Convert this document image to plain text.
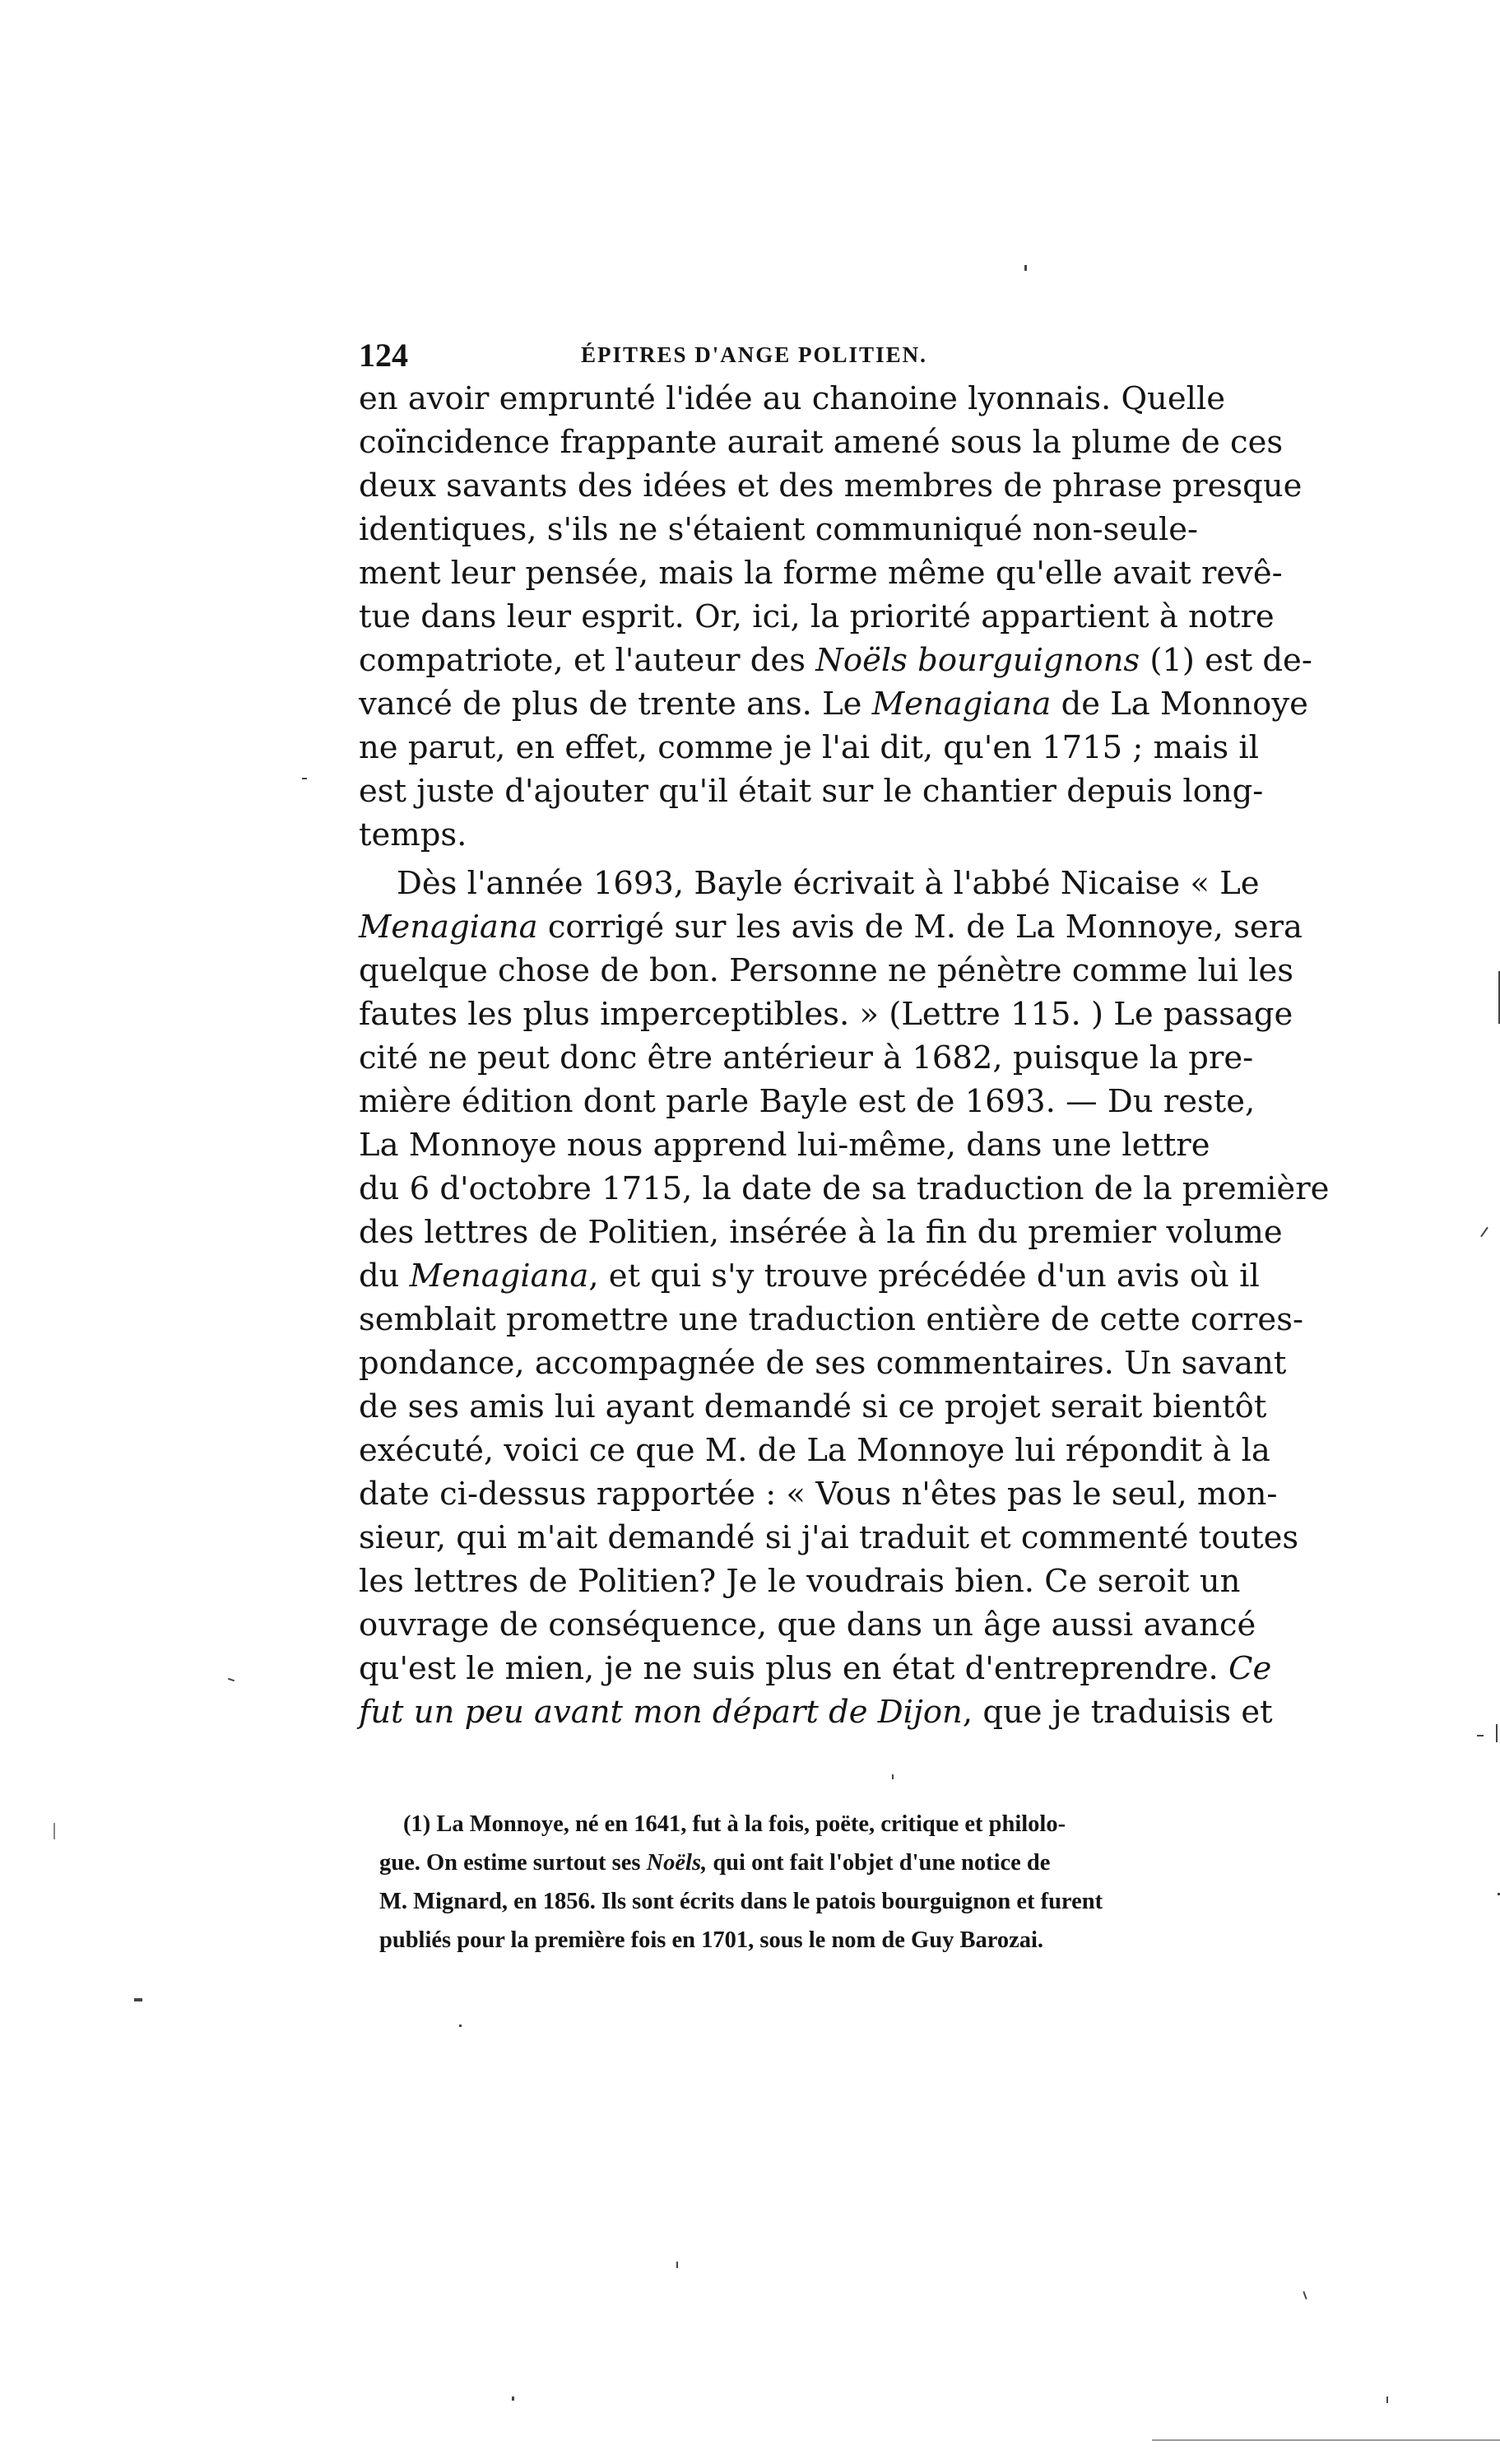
124	ÉPITRES D'ANGE POLITIEN.
en avoir emprunté l'idée au chanoine lyonnais. Quelle
coïncidence frappante aurait amené sous la plume de ces
deux savants des idées et des membres de phrase presque
identiques, s'ils ne s'étaient communiqué non-seule-
ment leur pensée, mais la forme même qu'elle avait revê-
tue dans leur esprit. Or, ici, la priorité appartient à notre
compatriote, et l'auteur des Noëls bourguignons (1) est de-
vancé de plus de trente ans. Le Menagiana de La Monnoye
ne parut, en effet, comme je l'ai dit, qu'en 1715 ; mais il
est juste d'ajouter qu'il était sur le chantier depuis long-
temps.
Dès l'année 1693, Bayle écrivait à l'abbé Nicaise « Le
Menagiana corrigé sur les avis de M. de La Monnoye, sera
quelque chose de bon. Personne ne pénètre comme lui les
fautes les plus imperceptibles. » (Lettre 115. ) Le passage
cité ne peut donc être antérieur à 1682, puisque la pre-
mière édition dont parle Bayle est de 1693. — Du reste,
La Monnoye nous apprend lui-même, dans une lettre
du 6 d'octobre 1715, la date de sa traduction de la première
des lettres de Politien, insérée à la fin du premier volume
du Menagiana, et qui s'y trouve précédée d'un avis où il
semblait promettre une traduction entière de cette corres-
pondance, accompagnée de ses commentaires. Un savant
de ses amis lui ayant demandé si ce projet serait bientôt
exécuté, voici ce que M. de La Monnoye lui répondit à la
date ci-dessus rapportée : « Vous n'êtes pas le seul, mon-
sieur, qui m'ait demandé si j'ai traduit et commenté toutes
les lettres de Politien? Je le voudrais bien. Ce seroit un
ouvrage de conséquence, que dans un âge aussi avancé
qu'est le mien, je ne suis plus en état d'entreprendre. Ce
fut un peu avant mon départ de Dijon, que je traduisis et
(1) La Monnoye, né en 1641, fut à la fois, poëte, critique et philolo-
gue. On estime surtout ses Noëls, qui ont fait l'objet d'une notice de
M. Mignard, en 1856. Ils sont écrits dans le patois bourguignon et furent
publiés pour la première fois en 1701, sous le nom de Guy Barozai.
